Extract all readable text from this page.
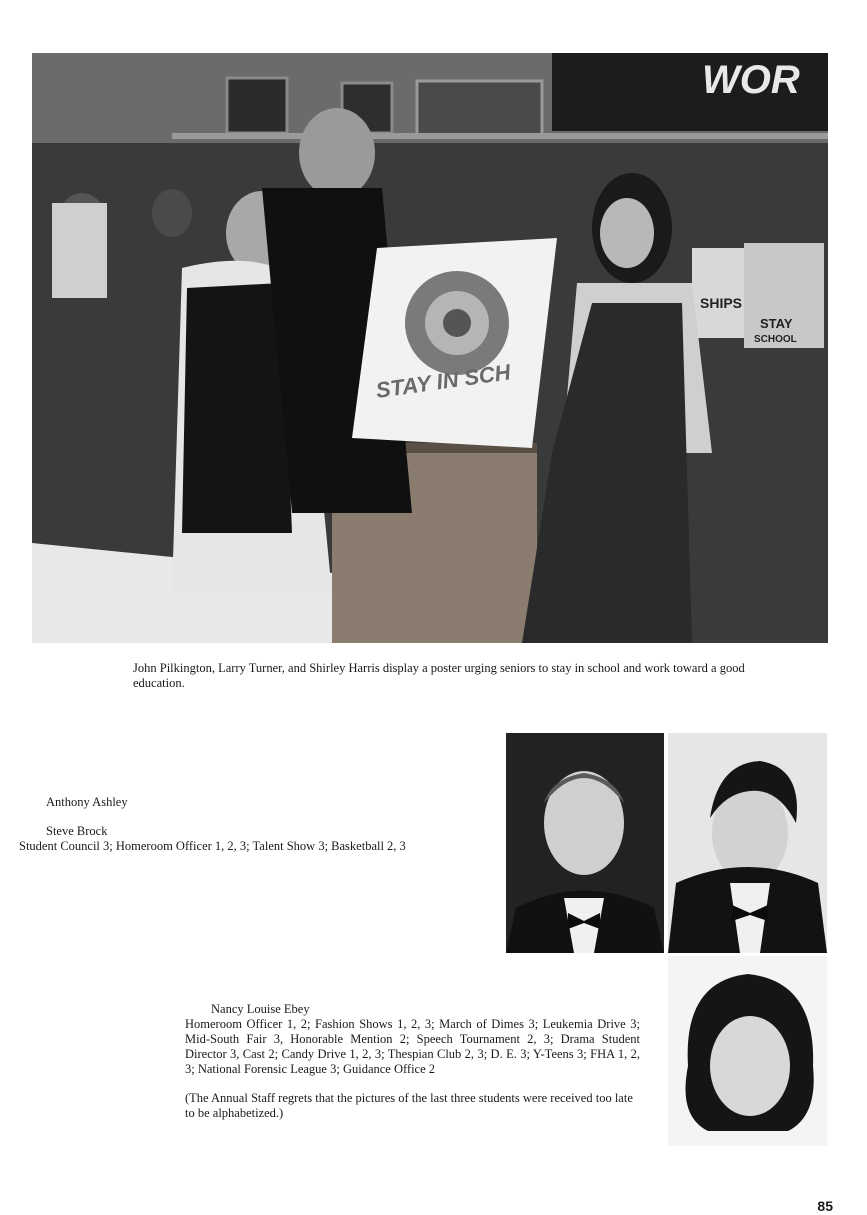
WOR
SHIPS
STAY
SCHOOL
STAY IN SCH
John Pilkington, Larry Turner, and Shirley Harris display a poster urging seniors to stay in school and work toward a good education.
Anthony Ashley
Steve Brock
Student Council 3; Homeroom Officer 1, 2, 3; Talent Show 3; Basketball 2, 3
Nancy Louise Ebey
Homeroom Officer 1, 2; Fashion Shows 1, 2, 3; March of Dimes 3; Leukemia Drive 3; Mid-South Fair 3, Honorable Mention 2; Speech Tournament 2, 3; Drama Student Director 3, Cast 2; Candy Drive 1, 2, 3; Thespian Club 2, 3; D. E. 3; Y-Teens 3; FHA 1, 2, 3; National Forensic League 3; Guidance Office 2
(The Annual Staff regrets that the pictures of the last three students were received too late to be alphabetized.)
85
